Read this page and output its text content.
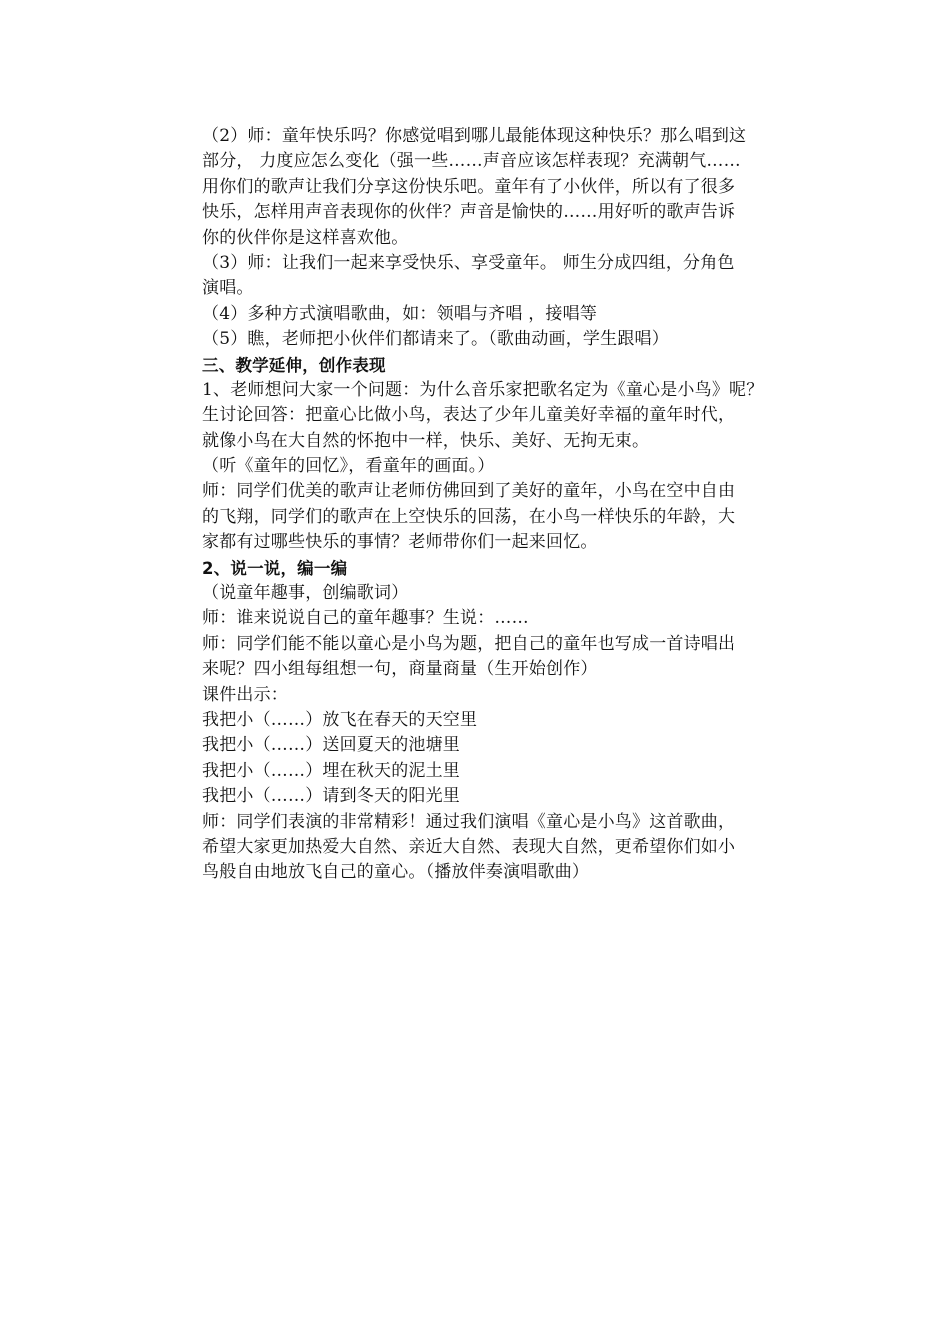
（2）师：童年快乐吗？你感觉唱到哪儿最能体现这种快乐？那么唱到这
部分， 力度应怎么变化（强一些……声音应该怎样表现？充满朝气……
用你们的歌声让我们分享这份快乐吧。童年有了小伙伴，所以有了很多
快乐，怎样用声音表现你的伙伴？声音是愉快的……用好听的歌声告诉
你的伙伴你是这样喜欢他。
（3）师：让我们一起来享受快乐、享受童年。 师生分成四组，分角色
演唱。
（4）多种方式演唱歌曲，如：领唱与齐唱 ，接唱等
（5）瞧，老师把小伙伴们都请来了。（歌曲动画，学生跟唱）
三、教学延伸，创作表现
1、老师想问大家一个问题：为什么音乐家把歌名定为《童心是小鸟》呢？
生讨论回答：把童心比做小鸟，表达了少年儿童美好幸福的童年时代，
就像小鸟在大自然的怀抱中一样，快乐、美好、无拘无束。
（听《童年的回忆》，看童年的画面。）
师：同学们优美的歌声让老师仿佛回到了美好的童年，小鸟在空中自由
的飞翔，同学们的歌声在上空快乐的回荡，在小鸟一样快乐的年龄，大
家都有过哪些快乐的事情？老师带你们一起来回忆。
2、说一说，编一编
（说童年趣事，创编歌词）
师：谁来说说自己的童年趣事？生说：……
师：同学们能不能以童心是小鸟为题，把自己的童年也写成一首诗唱出
来呢？四小组每组想一句，商量商量（生开始创作）
课件出示：
我把小（……）放飞在春天的天空里
我把小（……）送回夏天的池塘里
我把小（……）埋在秋天的泥土里
我把小（……）请到冬天的阳光里
师：同学们表演的非常精彩！通过我们演唱《童心是小鸟》这首歌曲，
希望大家更加热爱大自然、亲近大自然、表现大自然，更希望你们如小
鸟般自由地放飞自己的童心。（播放伴奏演唱歌曲）
